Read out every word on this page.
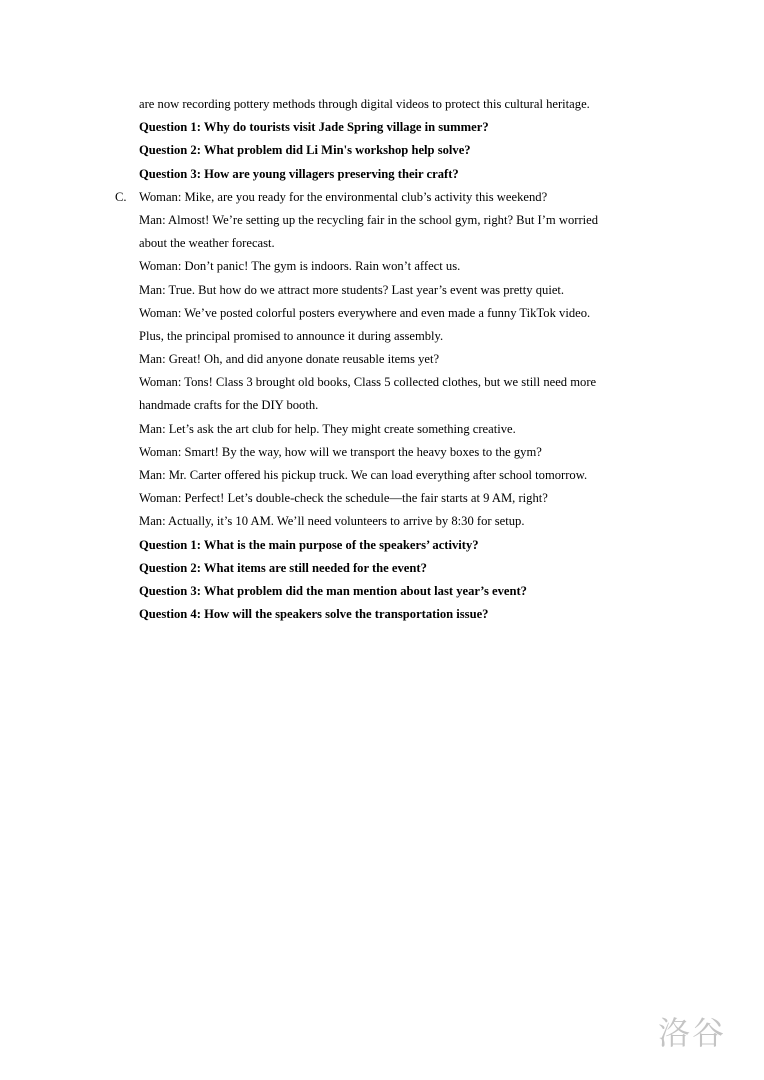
are now recording pottery methods through digital videos to protect this cultural heritage.
Question 1: Why do tourists visit Jade Spring village in summer?
Question 2: What problem did Li Min's workshop help solve?
Question 3: How are young villagers preserving their craft?
Woman: Mike, are you ready for the environmental club’s activity this weekend?
Man: Almost! We’re setting up the recycling fair in the school gym, right? But I’m worried
about the weather forecast.
Woman: Don’t panic! The gym is indoors. Rain won’t affect us.
Man: True. But how do we attract more students? Last year’s event was pretty quiet.
Woman: We’ve posted colorful posters everywhere and even made a funny TikTok video.
Plus, the principal promised to announce it during assembly.
Man: Great! Oh, and did anyone donate reusable items yet?
Woman: Tons! Class 3 brought old books, Class 5 collected clothes, but we still need more
handmade crafts for the DIY booth.
Man: Let’s ask the art club for help. They might create something creative.
Woman: Smart! By the way, how will we transport the heavy boxes to the gym?
Man: Mr. Carter offered his pickup truck. We can load everything after school tomorrow.
Woman: Perfect! Let’s double-check the schedule—the fair starts at 9 AM, right?
Man: Actually, it’s 10 AM. We’ll need volunteers to arrive by 8:30 for setup.
Question 1: What is the main purpose of the speakers’ activity?
Question 2: What items are still needed for the event?
Question 3: What problem did the man mention about last year’s event?
Question 4: How will the speakers solve the transportation issue?
C.
洛谷
